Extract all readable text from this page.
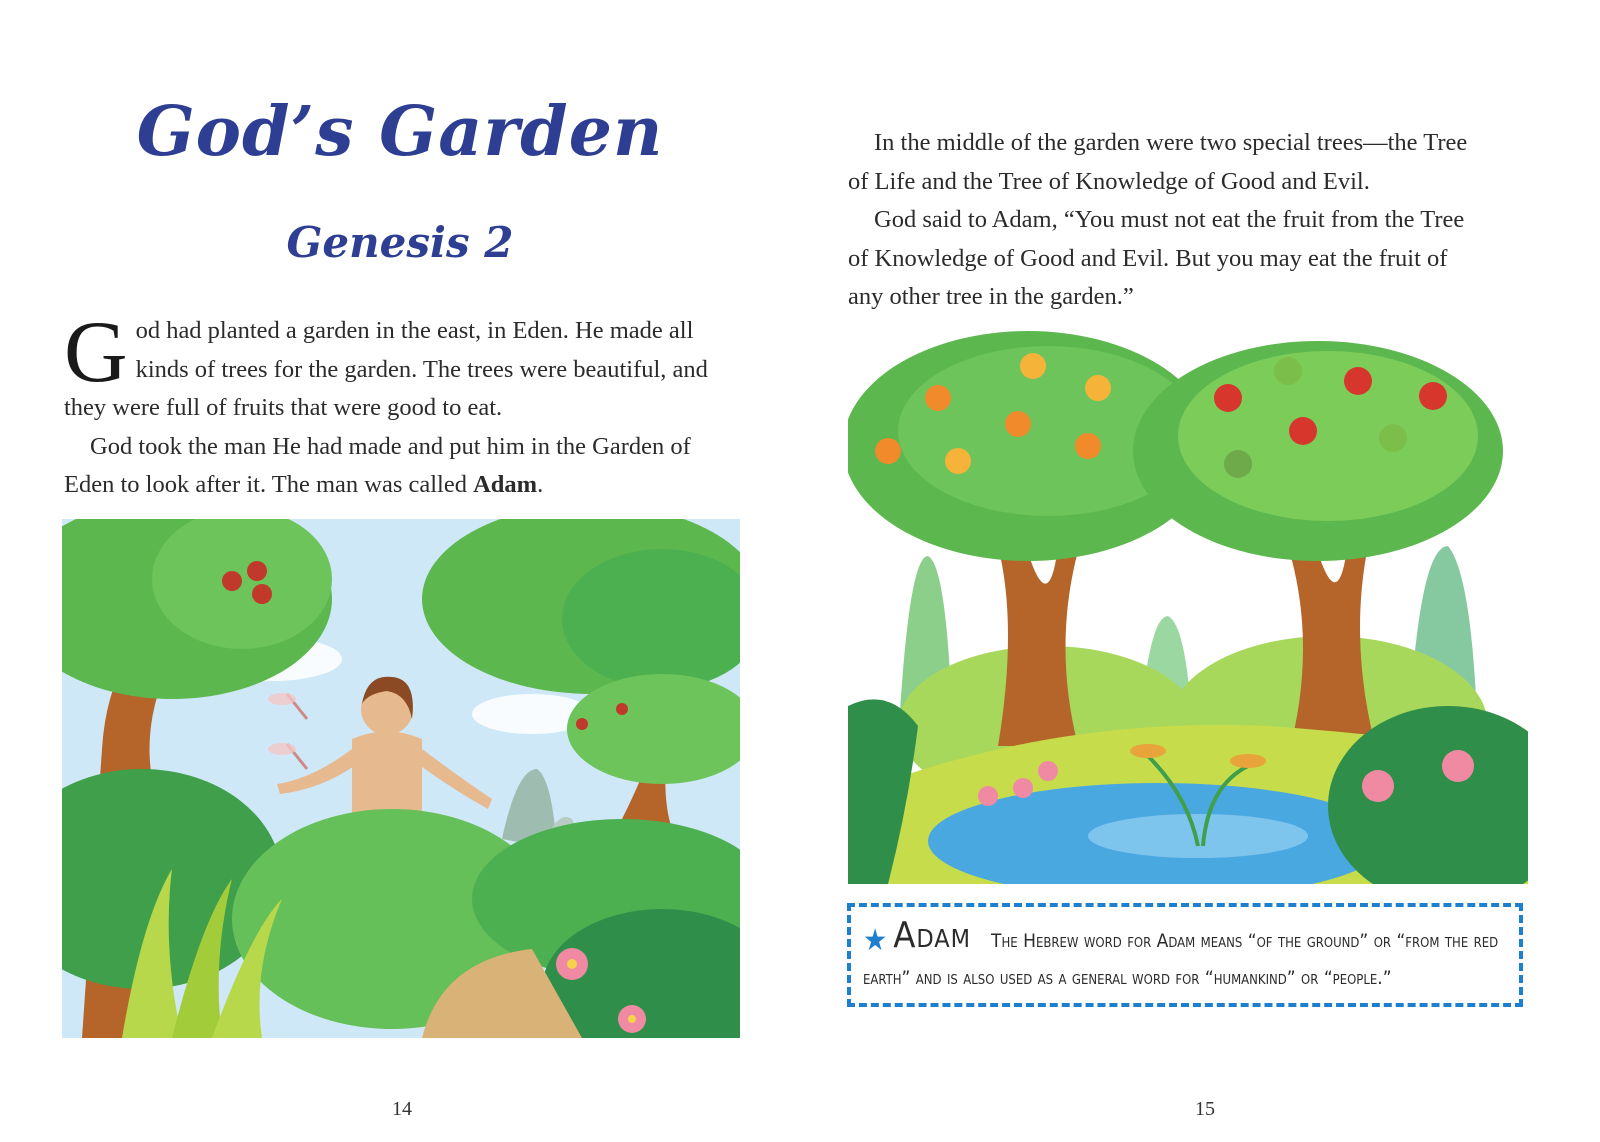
God’s Garden
Genesis 2

God had planted a garden in the east, in Eden. He made all kinds of trees for the garden. The trees were beautiful, and they were full of fruits that were good to eat.

God took the man He had made and put him in the Garden of Eden to look after it. The man was called Adam.

14

In the middle of the garden were two special trees—the Tree of Life and the Tree of Knowledge of Good and Evil.

God said to Adam, “You must not eat the fruit from the Tree of Knowledge of Good and Evil. But you may eat the fruit of any other tree in the garden.”

★ Adam The Hebrew word for Adam means “of the ground” or “from the red earth” and is also used as a general word for “humankind” or “people.”
15
